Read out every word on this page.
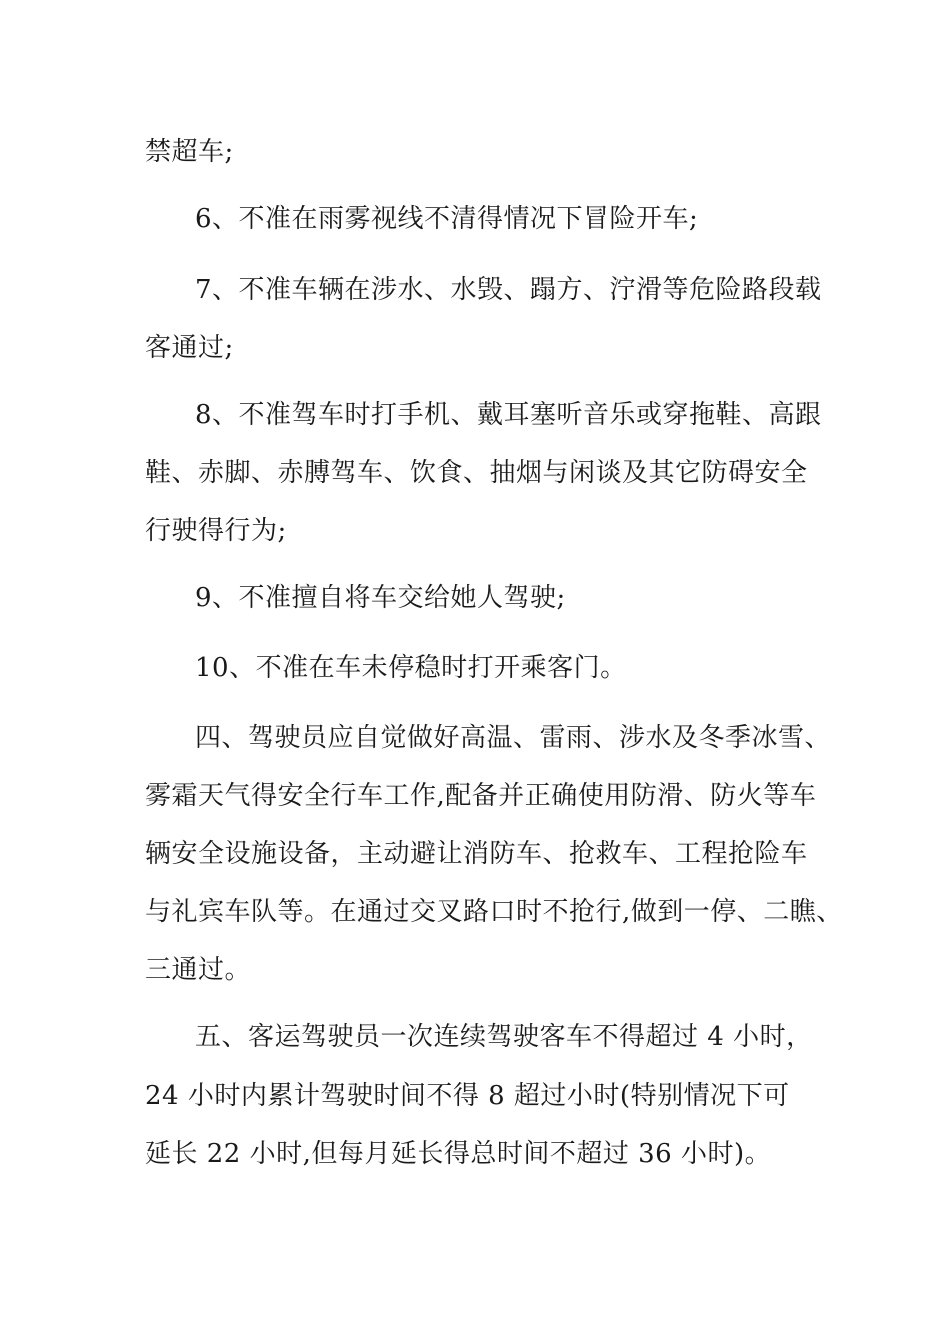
禁超车;
6、不准在雨雾视线不清得情况下冒险开车;
7、不准车辆在涉水、水毁、蹋方、泞滑等危险路段载
客通过;
8、不准驾车时打手机、戴耳塞听音乐或穿拖鞋、高跟
鞋、赤脚、赤膊驾车、饮食、抽烟与闲谈及其它防碍安全
行驶得行为;
9、不准擅自将车交给她人驾驶;
10、不准在车未停稳时打开乘客门。
四、驾驶员应自觉做好高温、雷雨、涉水及冬季冰雪、
雾霜天气得安全行车工作,配备并正确使用防滑、防火等车
辆安全设施设备，主动避让消防车、抢救车、工程抢险车
与礼宾车队等。在通过交叉路口时不抢行,做到一停、二瞧、
三通过。
五、客运驾驶员一次连续驾驶客车不得超过 4 小时，
24 小时内累计驾驶时间不得 8 超过小时(特别情况下可
延长 22 小时,但每月延长得总时间不超过 36 小时)。
